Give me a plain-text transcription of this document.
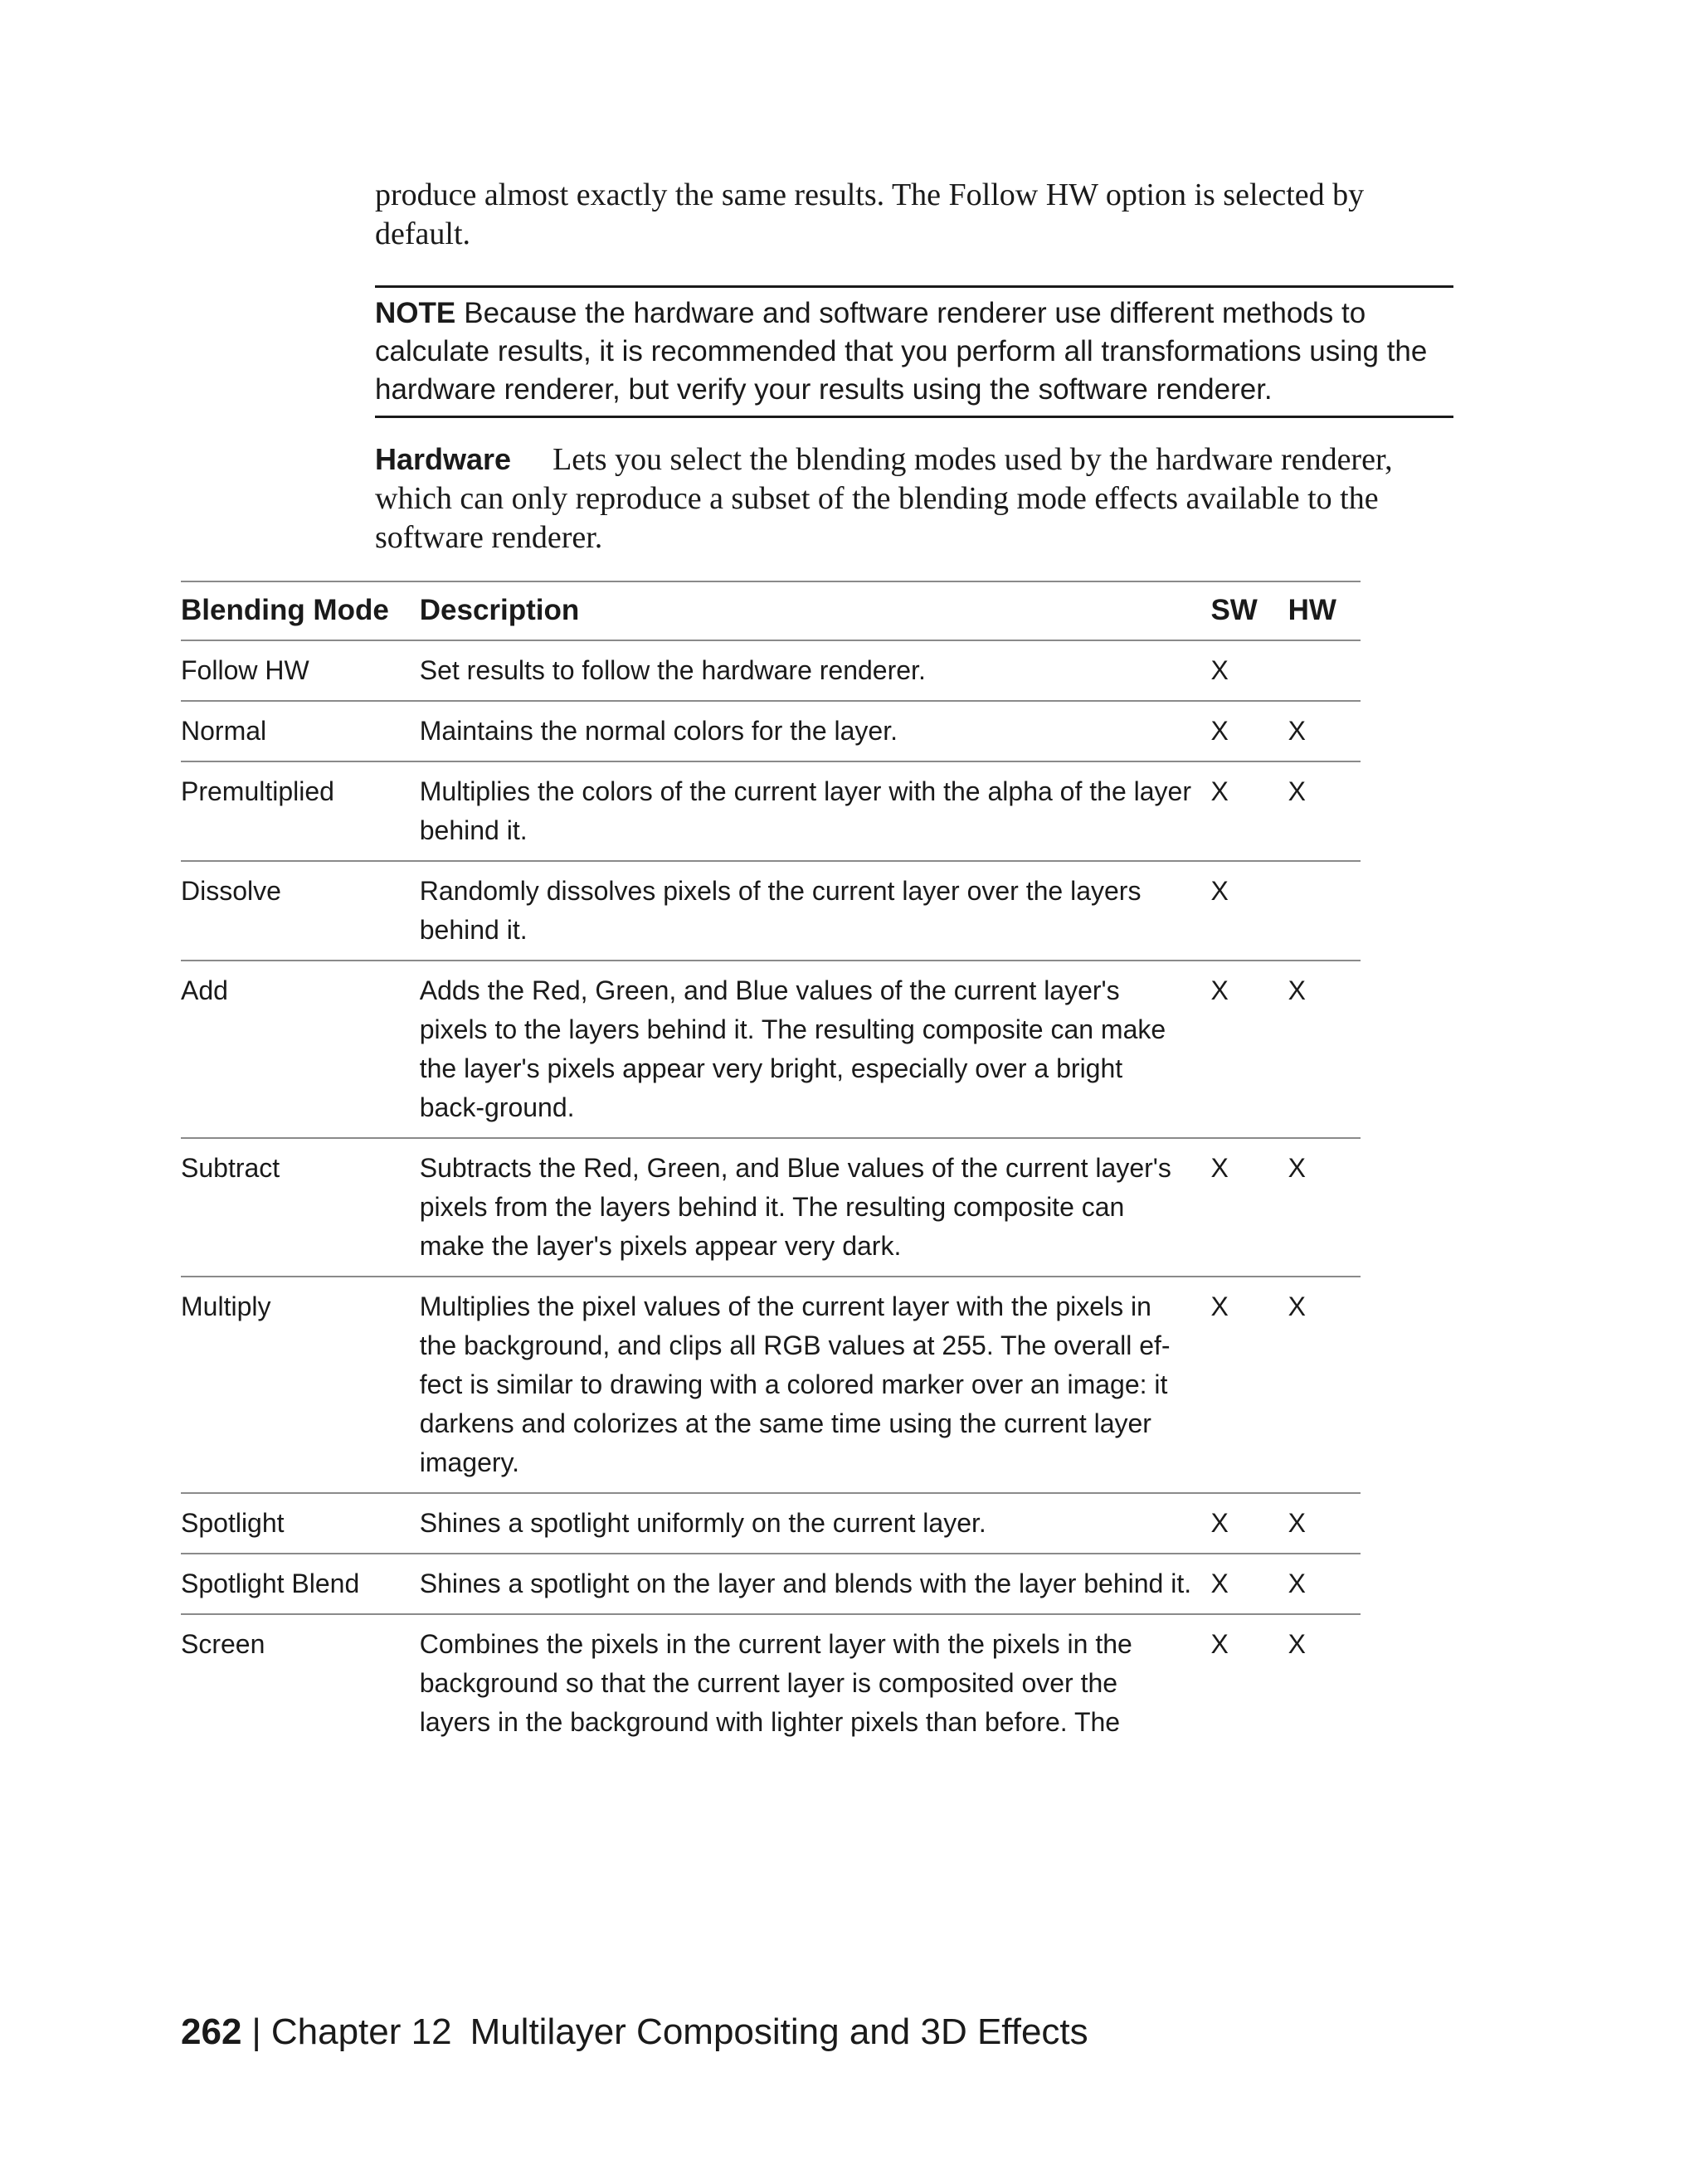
produce almost exactly the same results. The Follow HW option is selected by default.

NOTE Because the hardware and software renderer use different methods to calculate results, it is recommended that you perform all transformations using the hardware renderer, but verify your results using the software renderer.

Hardware Lets you select the blending modes used by the hardware renderer, which can only reproduce a subset of the blending mode effects available to the software renderer.

Blending Mode	Description	SW	HW
Follow HW	Set results to follow the hardware renderer.	X	
Normal	Maintains the normal colors for the layer.	X	X
Premultiplied	Multiplies the colors of the current layer with the alpha of the layer behind it.	X	X
Dissolve	Randomly dissolves pixels of the current layer over the layers behind it.	X	
Add	Adds the Red, Green, and Blue values of the current layer's pixels to the layers behind it. The resulting composite can make the layer's pixels appear very bright, especially over a bright back-ground.	X	X
Subtract	Subtracts the Red, Green, and Blue values of the current layer's pixels from the layers behind it. The resulting composite can make the layer's pixels appear very dark.	X	X
Multiply	Multiplies the pixel values of the current layer with the pixels in the background, and clips all RGB values at 255. The overall ef-fect is similar to drawing with a colored marker over an image: it darkens and colorizes at the same time using the current layer imagery.	X	X
Spotlight	Shines a spotlight uniformly on the current layer.	X	X
Spotlight Blend	Shines a spotlight on the layer and blends with the layer behind it.	X	X
Screen	Combines the pixels in the current layer with the pixels in the background so that the current layer is composited over the layers in the background with lighter pixels than before. The	X	X
262 | Chapter 12 Multilayer Compositing and 3D Effects
